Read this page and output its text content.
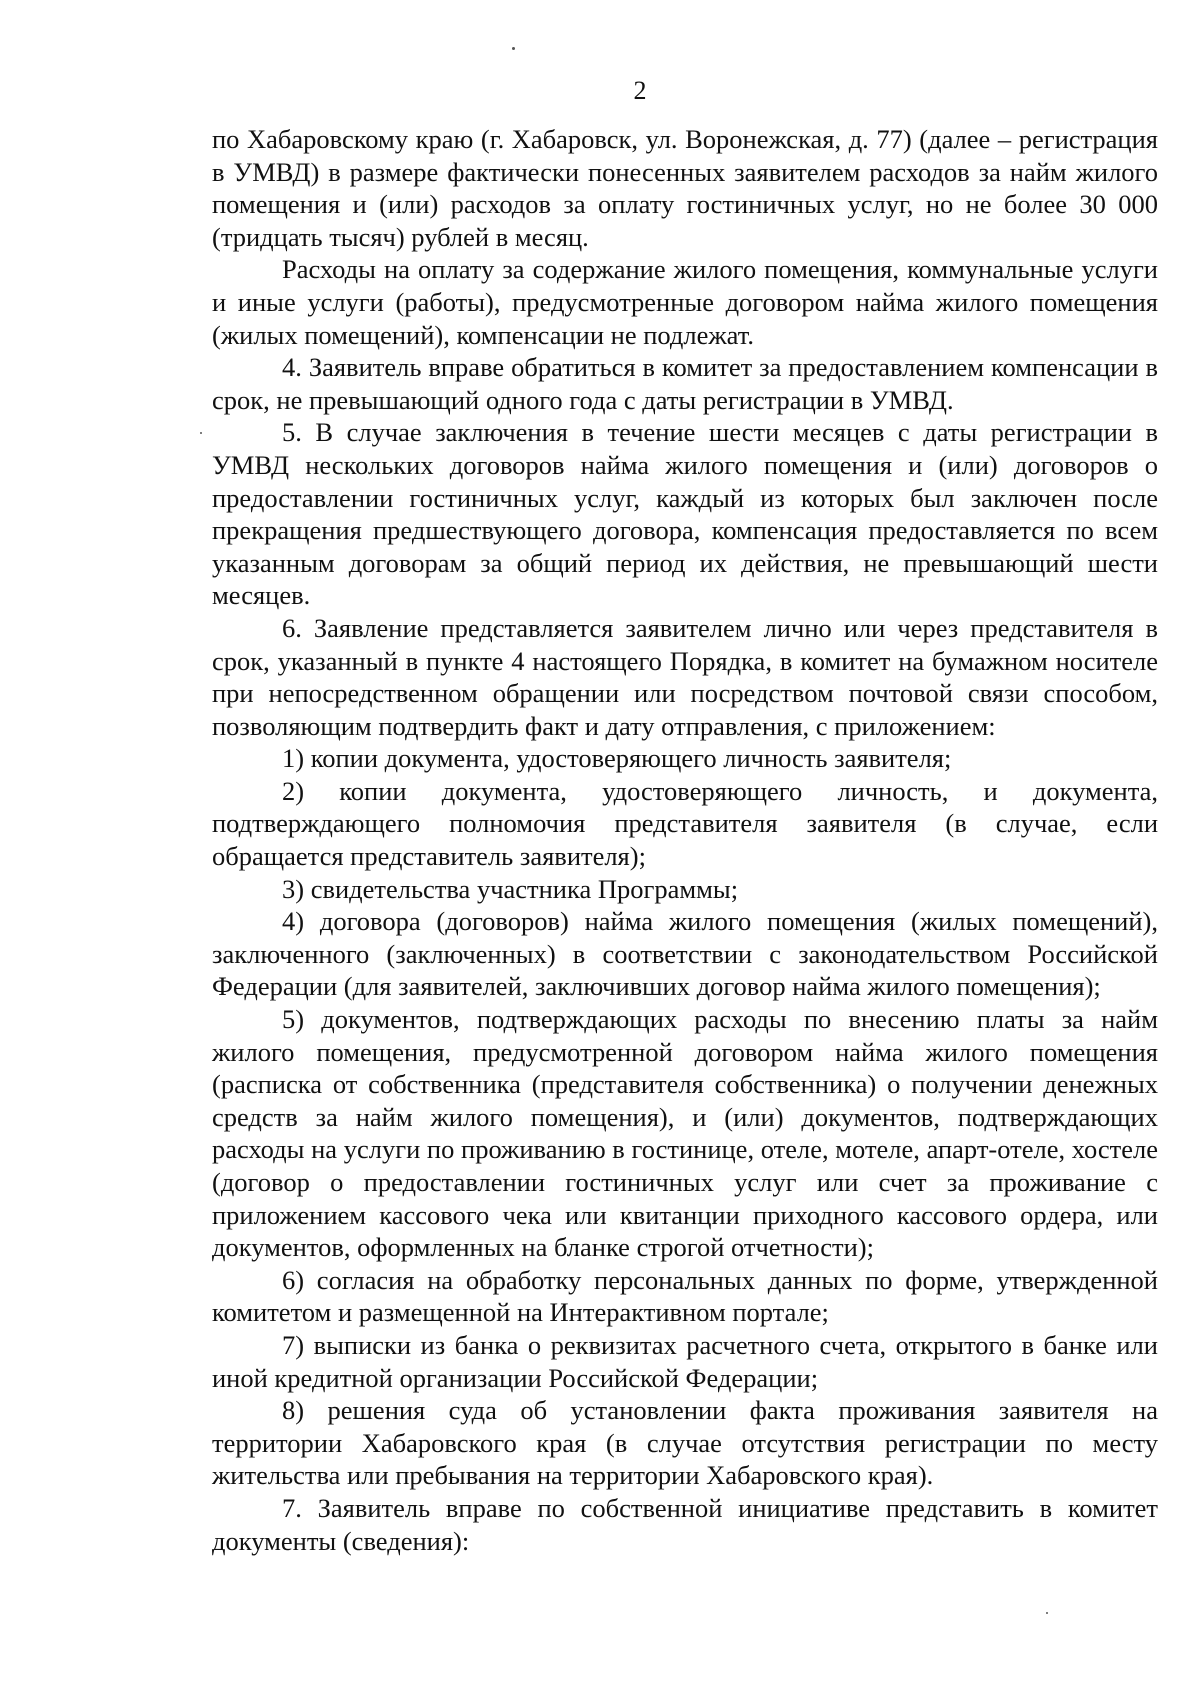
2

по Хабаровскому краю (г. Хабаровск, ул. Воронежская, д. 77) (далее – регистрация в УМВД) в размере фактически понесенных заявителем расходов за найм жилого помещения и (или) расходов за оплату гостиничных услуг, но не более 30 000 (тридцать тысяч) рублей в месяц.

Расходы на оплату за содержание жилого помещения, коммунальные услуги и иные услуги (работы), предусмотренные договором найма жилого помещения (жилых помещений), компенсации не подлежат.

4. Заявитель вправе обратиться в комитет за предоставлением компенсации в срок, не превышающий одного года с даты регистрации в УМВД.

5. В случае заключения в течение шести месяцев с даты регистрации в УМВД нескольких договоров найма жилого помещения и (или) договоров о предоставлении гостиничных услуг, каждый из которых был заключен после прекращения предшествующего договора, компенсация предоставляется по всем указанным договорам за общий период их действия, не превышающий шести месяцев.

6. Заявление представляется заявителем лично или через представителя в срок, указанный в пункте 4 настоящего Порядка, в комитет на бумажном носителе при непосредственном обращении или посредством почтовой связи способом, позволяющим подтвердить факт и дату отправления, с приложением:

1) копии документа, удостоверяющего личность заявителя;

2) копии документа, удостоверяющего личность, и документа, подтверждающего полномочия представителя заявителя (в случае, если обращается представитель заявителя);

3) свидетельства участника Программы;

4) договора (договоров) найма жилого помещения (жилых помещений), заключенного (заключенных) в соответствии с законодательством Российской Федерации (для заявителей, заключивших договор найма жилого помещения);

5) документов, подтверждающих расходы по внесению платы за найм жилого помещения, предусмотренной договором найма жилого помещения (расписка от собственника (представителя собственника) о получении денежных средств за найм жилого помещения), и (или) документов, подтверждающих расходы на услуги по проживанию в гостинице, отеле, мотеле, апарт-отеле, хостеле (договор о предоставлении гостиничных услуг или счет за проживание с приложением кассового чека или квитанции приходного кассового ордера, или документов, оформленных на бланке строгой отчетности);

6) согласия на обработку персональных данных по форме, утвержденной комитетом и размещенной на Интерактивном портале;

7) выписки из банка о реквизитах расчетного счета, открытого в банке или иной кредитной организации Российской Федерации;

8) решения суда об установлении факта проживания заявителя на территории Хабаровского края (в случае отсутствия регистрации по месту жительства или пребывания на территории Хабаровского края).

7. Заявитель вправе по собственной инициативе представить в комитет документы (сведения):
